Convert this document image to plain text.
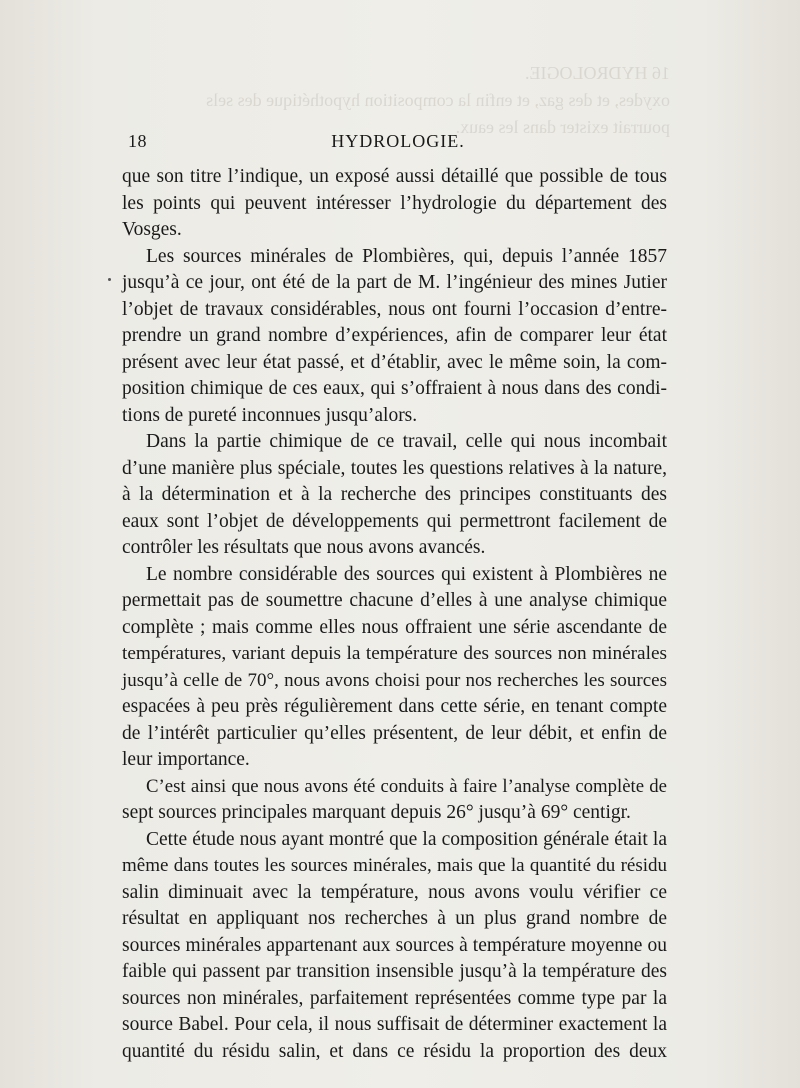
16 HYDROLOGIE.
oxydes, et des gaz, et enfin la composition hypothétique des sels
pourrait exister dans les eaux.
18	HYDROLOGIE.
que son titre l’indique, un exposé aussi détaillé que possible de tous
les points qui peuvent intéresser l’hydrologie du département des
Vosges.
Les sources minérales de Plombières, qui, depuis l’année 1857
jusqu’à ce jour, ont été de la part de M. l’ingénieur des mines Jutier
l’objet de travaux considérables, nous ont fourni l’occasion d’entre-
prendre un grand nombre d’expériences, afin de comparer leur état
présent avec leur état passé, et d’établir, avec le même soin, la com-
position chimique de ces eaux, qui s’offraient à nous dans des condi-
tions de pureté inconnues jusqu’alors.
Dans la partie chimique de ce travail, celle qui nous incombait
d’une manière plus spéciale, toutes les questions relatives à la nature,
à la détermination et à la recherche des principes constituants des
eaux sont l’objet de développements qui permettront facilement de
contrôler les résultats que nous avons avancés.
Le nombre considérable des sources qui existent à Plombières ne
permettait pas de soumettre chacune d’elles à une analyse chimique
complète ; mais comme elles nous offraient une série ascendante de
températures, variant depuis la température des sources non minérales
jusqu’à celle de 70°, nous avons choisi pour nos recherches les sources
espacées à peu près régulièrement dans cette série, en tenant compte
de l’intérêt particulier qu’elles présentent, de leur débit, et enfin de
leur importance.
C’est ainsi que nous avons été conduits à faire l’analyse complète de
sept sources principales marquant depuis 26° jusqu’à 69° centigr.
Cette étude nous ayant montré que la composition générale était la
même dans toutes les sources minérales, mais que la quantité du résidu
salin diminuait avec la température, nous avons voulu vérifier ce
résultat en appliquant nos recherches à un plus grand nombre de
sources minérales appartenant aux sources à température moyenne ou
faible qui passent par transition insensible jusqu’à la température des
sources non minérales, parfaitement représentées comme type par la
source Babel. Pour cela, il nous suffisait de déterminer exactement la
quantité du résidu salin, et dans ce résidu la proportion des deux
